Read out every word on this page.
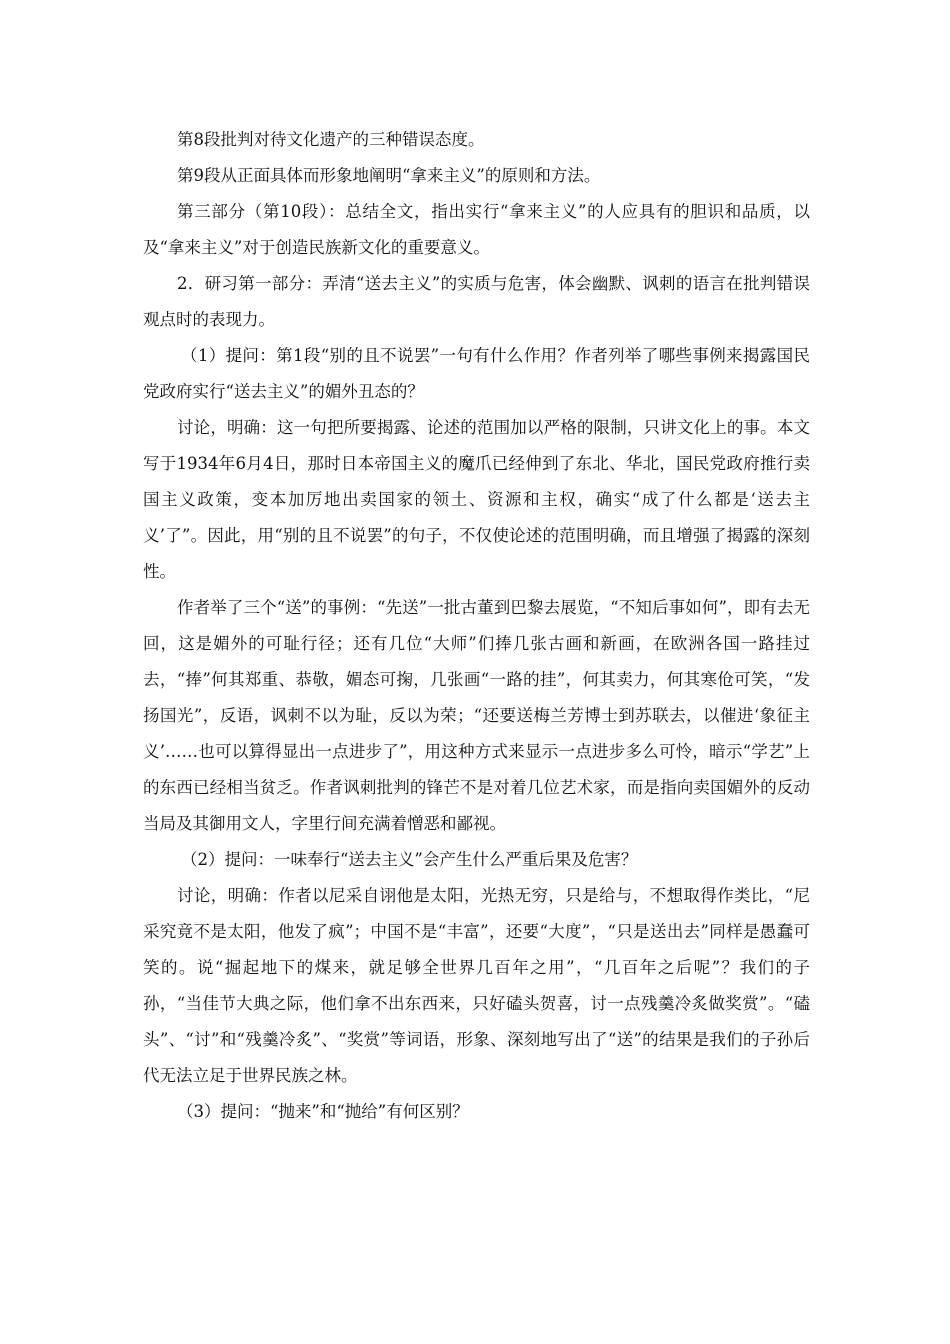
第8段批判对待文化遗产的三种错误态度。

第9段从正面具体而形象地阐明“拿来主义”的原则和方法。

第三部分（第10段）：总结全文，指出实行“拿来主义”的人应具有的胆识和品质，以及“拿来主义”对于创造民族新文化的重要意义。

2．研习第一部分：弄清“送去主义”的实质与危害，体会幽默、讽刺的语言在批判错误观点时的表现力。

（1）提问：第1段“别的且不说罢”一句有什么作用？作者列举了哪些事例来揭露国民党政府实行“送去主义”的媚外丑态的？

讨论，明确：这一句把所要揭露、论述的范围加以严格的限制，只讲文化上的事。本文写于1934年6月4日，那时日本帝国主义的魔爪已经伸到了东北、华北，国民党政府推行卖国主义政策，变本加厉地出卖国家的领土、资源和主权，确实“成了什么都是‘送去主义’了”。因此，用“别的且不说罢”的句子，不仅使论述的范围明确，而且增强了揭露的深刻性。

作者举了三个“送”的事例：“先送”一批古董到巴黎去展览，“不知后事如何”，即有去无回，这是媚外的可耻行径；还有几位“大师”们捧几张古画和新画，在欧洲各国一路挂过去，“捧”何其郑重、恭敬，媚态可掬，几张画“一路的挂”，何其卖力，何其寒伧可笑，“发扬国光”，反语，讽刺不以为耻，反以为荣；“还要送梅兰芳博士到苏联去，以催进‘象征主义’……也可以算得显出一点进步了”，用这种方式来显示一点进步多么可怜，暗示“学艺”上的东西已经相当贫乏。作者讽刺批判的锋芒不是对着几位艺术家，而是指向卖国媚外的反动当局及其御用文人，字里行间充满着憎恶和鄙视。

（2）提问：一味奉行“送去主义”会产生什么严重后果及危害？

讨论，明确：作者以尼采自诩他是太阳，光热无穷，只是给与，不想取得作类比，“尼采究竟不是太阳，他发了疯”；中国不是“丰富”，还要“大度”，“只是送出去”同样是愚蠢可笑的。说“掘起地下的煤来，就足够全世界几百年之用”，“几百年之后呢”？我们的子孙，“当佳节大典之际，他们拿不出东西来，只好磕头贺喜，讨一点残羹冷炙做奖赏”。“磕头”、“讨”和“残羹冷炙”、“奖赏”等词语，形象、深刻地写出了“送”的结果是我们的子孙后代无法立足于世界民族之林。

（3）提问：“抛来”和“抛给”有何区别？
